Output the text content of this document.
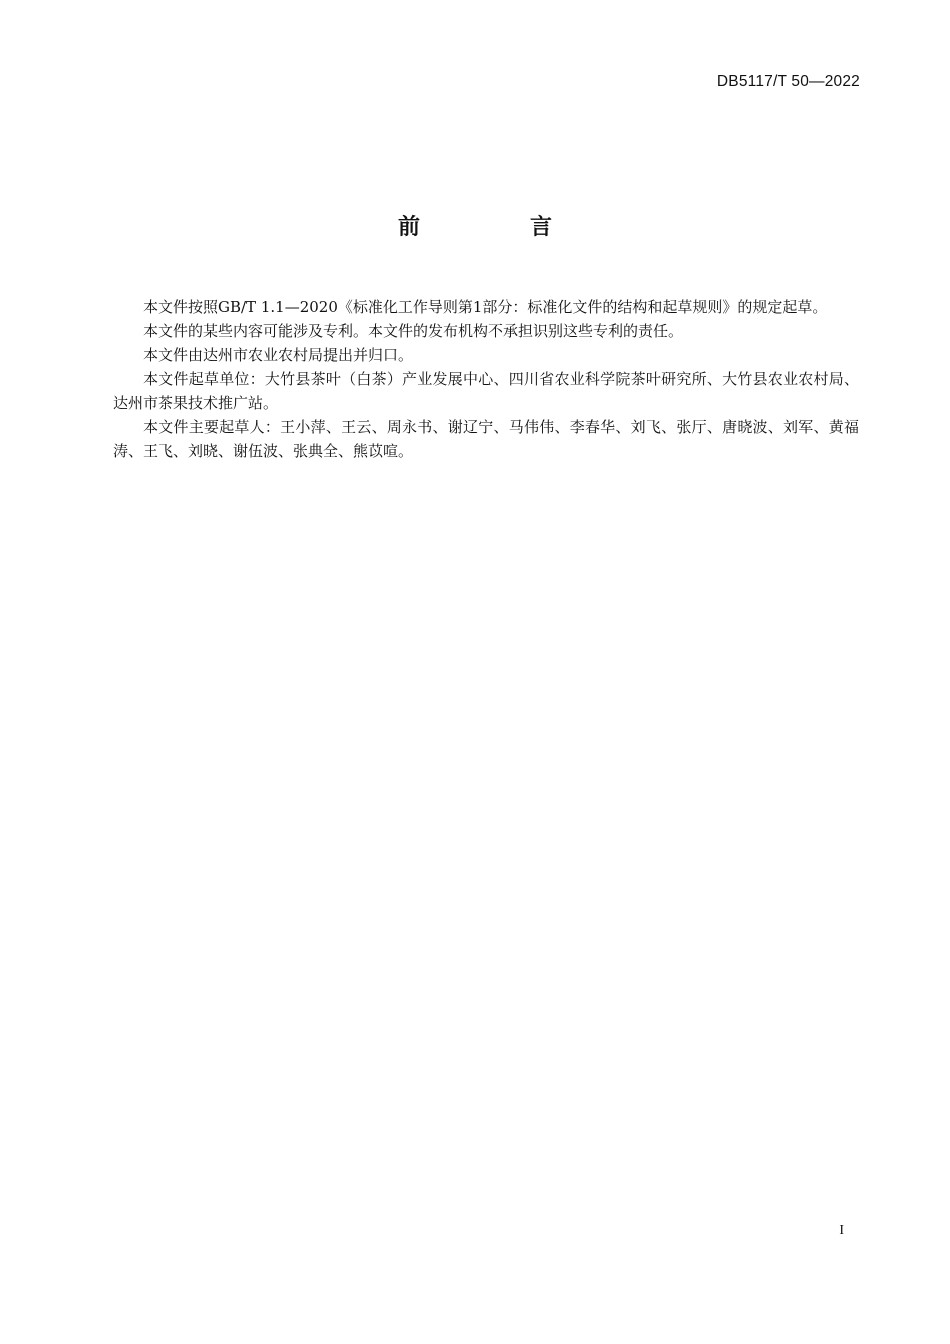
DB5117/T 50—2022
前　言

本文件按照GB/T 1.1—2020《标准化工作导则第1部分：标准化文件的结构和起草规则》的规定起草。

本文件的某些内容可能涉及专利。本文件的发布机构不承担识别这些专利的责任。

本文件由达州市农业农村局提出并归口。

本文件起草单位：大竹县茶叶（白茶）产业发展中心、四川省农业科学院茶叶研究所、大竹县农业农村局、达州市茶果技术推广站。

本文件主要起草人：王小萍、王云、周永书、谢辽宁、马伟伟、李春华、刘飞、张厅、唐晓波、刘军、黄福涛、王飞、刘晓、谢伍波、张典全、熊苡喧。

I
